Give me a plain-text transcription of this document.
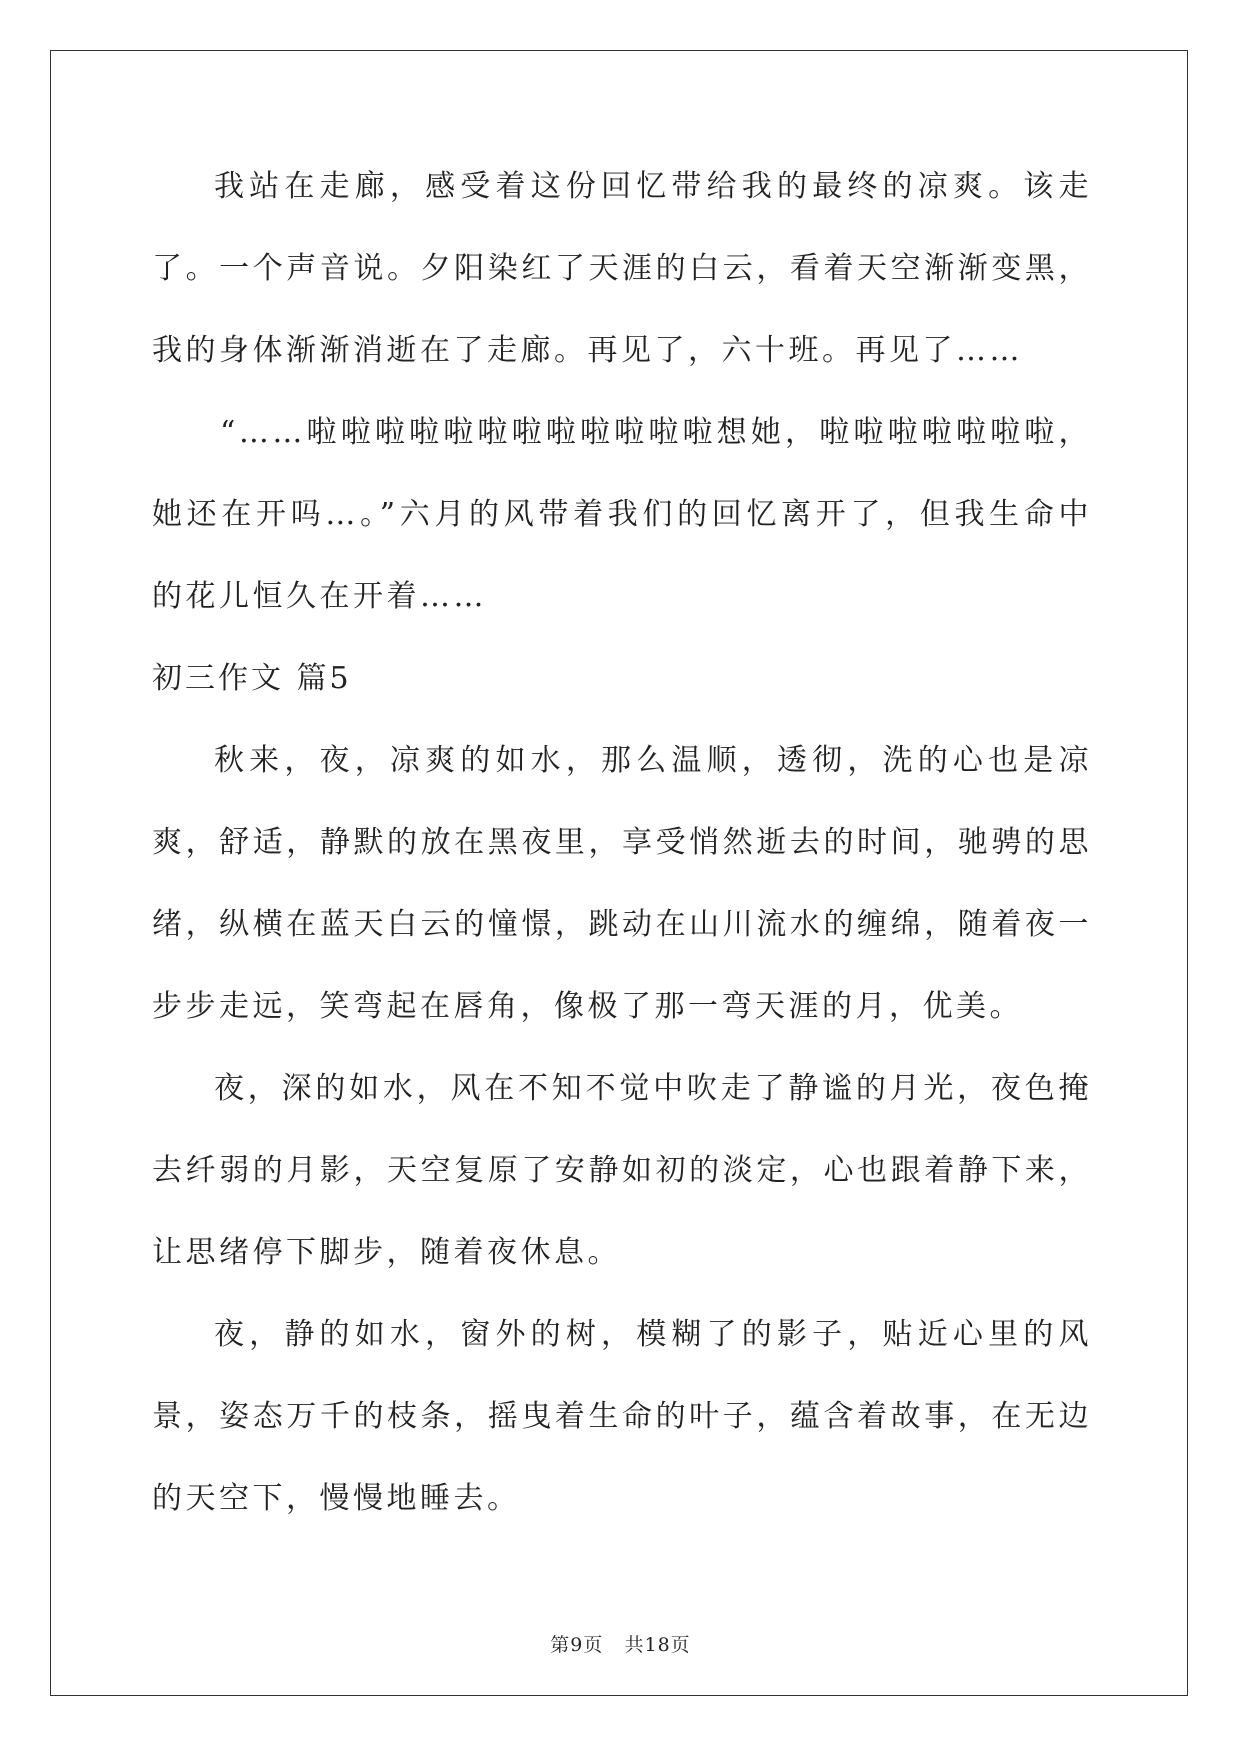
我站在走廊，感受着这份回忆带给我的最终的凉爽。该走了。一个声音说。夕阳染红了天涯的白云，看着天空渐渐变黑，我的身体渐渐消逝在了走廊。再见了，六十班。再见了……

“……啦啦啦啦啦啦啦啦啦啦啦啦想她，啦啦啦啦啦啦啦，她还在开吗…。”六月的风带着我们的回忆离开了，但我生命中的花儿恒久在开着……

初三作文 篇5

秋来，夜，凉爽的如水，那么温顺，透彻，洗的心也是凉爽，舒适，静默的放在黑夜里，享受悄然逝去的时间，驰骋的思绪，纵横在蓝天白云的憧憬，跳动在山川流水的缠绵，随着夜一步步走远，笑弯起在唇角，像极了那一弯天涯的月，优美。

夜，深的如水，风在不知不觉中吹走了静谧的月光，夜色掩去纤弱的月影，天空复原了安静如初的淡定，心也跟着静下来，让思绪停下脚步，随着夜休息。

夜，静的如水，窗外的树，模糊了的影子，贴近心里的风景，姿态万千的枝条，摇曳着生命的叶子，蕴含着故事，在无边的天空下，慢慢地睡去。

第9页   共18页
